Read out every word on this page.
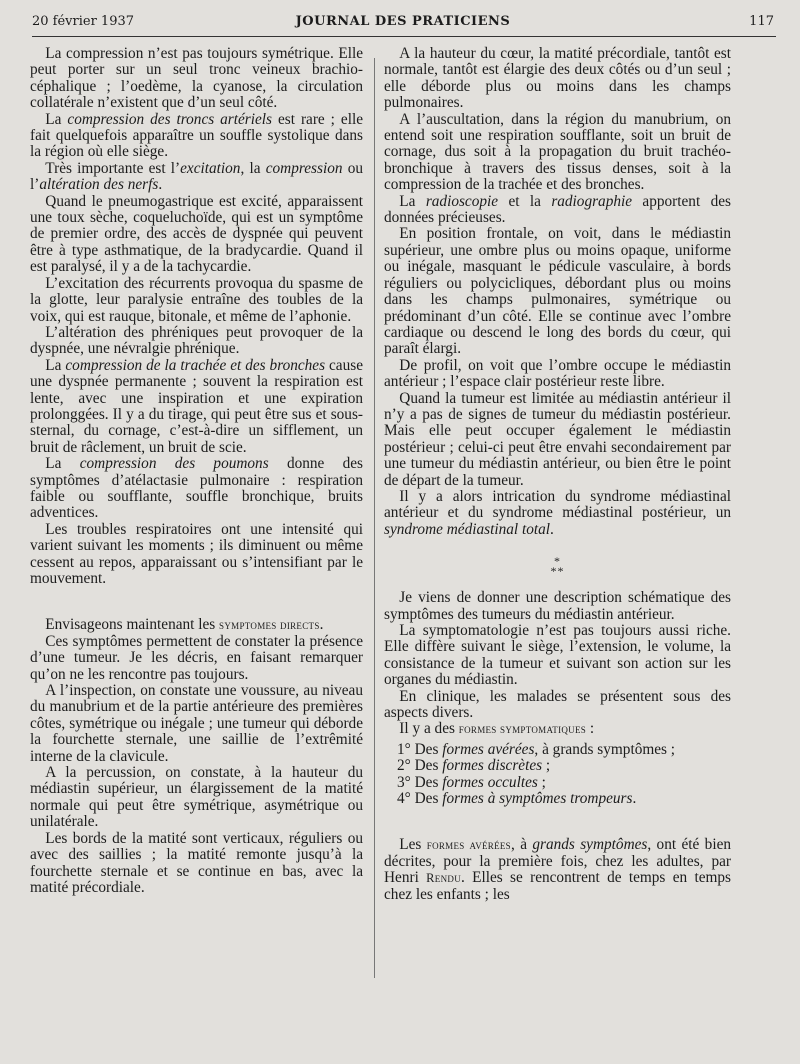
20 février 1937	JOURNAL DES PRATICIENS	117

La compression n’est pas toujours symétrique. Elle peut porter sur un seul tronc veineux brachio-céphalique ; l’oedème, la cyanose, la circulation collatérale n’existent que d’un seul côté.

La compression des troncs artériels est rare ; elle fait quelquefois apparaître un souffle systolique dans la région où elle siège.

Très importante est l’excitation, la compression ou l’altération des nerfs.

Quand le pneumogastrique est excité, apparaissent une toux sèche, coqueluchoïde, qui est un symptôme de premier ordre, des accès de dyspnée qui peuvent être à type asthmatique, de la bradycardie. Quand il est paralysé, il y a de la tachycardie.

L’excitation des récurrents provoqua du spasme de la glotte, leur paralysie entraîne des toubles de la voix, qui est rauque, bitonale, et même de l’aphonie.

L’altération des phréniques peut provoquer de la dyspnée, une névralgie phrénique.

La compression de la trachée et des bronches cause une dyspnée permanente ; souvent la respiration est lente, avec une inspiration et une expiration prolonggées. Il y a du tirage, qui peut être sus et sous-sternal, du cornage, c’est-à-dire un sifflement, un bruit de râclement, un bruit de scie.

La compression des poumons donne des symptômes d’atélactasie pulmonaire : respiration faible ou soufflante, souffle bronchique, bruits adventices.

Les troubles respiratoires ont une intensité qui varient suivant les moments ; ils diminuent ou même cessent au repos, apparaissant ou s’intensifiant par le mouvement.

Envisageons maintenant les symptomes directs.

Ces symptômes permettent de constater la présence d’une tumeur. Je les décris, en faisant remarquer qu’on ne les rencontre pas toujours.

A l’inspection, on constate une voussure, au niveau du manubrium et de la partie antérieure des premières côtes, symétrique ou inégale ; une tumeur qui déborde la fourchette sternale, une saillie de l’extrêmité interne de la clavicule.

A la percussion, on constate, à la hauteur du médiastin supérieur, un élargissement de la matité normale qui peut être symétrique, asymétrique ou unilatérale.

Les bords de la matité sont verticaux, réguliers ou avec des saillies ; la matité remonte jusqu’à la fourchette sternale et se continue en bas, avec la matité précordiale.

A la hauteur du cœur, la matité précordiale, tantôt est normale, tantôt est élargie des deux côtés ou d’un seul ; elle déborde plus ou moins dans les champs pulmonaires.

A l’auscultation, dans la région du manubrium, on entend soit une respiration soufflante, soit un bruit de cornage, dus soit à la propagation du bruit trachéo-bronchique à travers des tissus denses, soit à la compression de la trachée et des bronches.

La radioscopie et la radiographie apportent des données précieuses.

En position frontale, on voit, dans le médiastin supérieur, une ombre plus ou moins opaque, uniforme ou inégale, masquant le pédicule vasculaire, à bords réguliers ou polycicliques, débordant plus ou moins dans les champs pulmonaires, symétrique ou prédominant d’un côté. Elle se continue avec l’ombre cardiaque ou descend le long des bords du cœur, qui paraît élargi.

De profil, on voit que l’ombre occupe le médiastin antérieur ; l’espace clair postérieur reste libre.

Quand la tumeur est limitée au médiastin antérieur il n’y a pas de signes de tumeur du médiastin postérieur. Mais elle peut occuper également le médiastin postérieur ; celui-ci peut être envahi secondairement par une tumeur du médiastin antérieur, ou bien être le point de départ de la tumeur.

Il y a alors intrication du syndrome médiastinal antérieur et du syndrome médiastinal postérieur, un syndrome médiastinal total.

*
**

Je viens de donner une description schématique des symptômes des tumeurs du médiastin antérieur.

La symptomatologie n’est pas toujours aussi riche. Elle diffère suivant le siège, l’extension, le volume, la consistance de la tumeur et suivant son action sur les organes du médiastin.

En clinique, les malades se présentent sous des aspects divers.

Il y a des formes symptomatiques :

1° Des formes avérées, à grands symptômes ;

2° Des formes discrètes ;

3° Des formes occultes ;

4° Des formes à symptômes trompeurs.

Les formes avérées, à grands symptômes, ont été bien décrites, pour la première fois, chez les adultes, par Henri Rendu. Elles se rencontrent de temps en temps chez les enfants ; les
